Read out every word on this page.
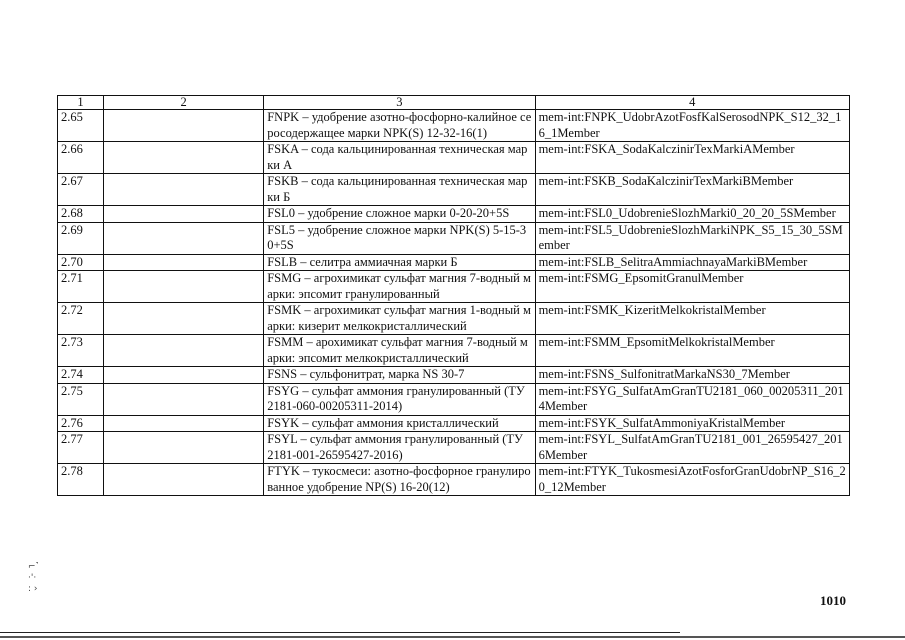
1	2	3	4
2.65		FNPK – удобрение азотно-фосфорно-калийное серосодержащее марки NPK(S) 12-32-16(1)	mem-int:FNPK_UdobrAzotFosfKalSerosodNPK_S12_32_16_1Member
2.66		FSKA – сода кальцинированная техническая марки А	mem-int:FSKA_SodaKalczinirTexMarkiAMember
2.67		FSKB – сода кальцинированная техническая марки Б	mem-int:FSKB_SodaKalczinirTexMarkiBMember
2.68		FSL0 – удобрение сложное марки 0-20-20+5S	mem-int:FSL0_UdobrenieSlozhMarki0_20_20_5SMember
2.69		FSL5 – удобрение сложное марки NPK(S) 5-15-30+5S	mem-int:FSL5_UdobrenieSlozhMarkiNPK_S5_15_30_5SMember
2.70		FSLB – селитра аммиачная марки Б	mem-int:FSLB_SelitraAmmiachnayaMarkiBMember
2.71		FSMG – агрохимикат сульфат магния 7-водный марки: эпсомит гранулированный	mem-int:FSMG_EpsomitGranulMember
2.72		FSMK – агрохимикат сульфат магния 1-водный марки: кизерит мелкокристаллический	mem-int:FSMK_KizeritMelkokristalMember
2.73		FSMM – арохимикат сульфат магния 7-водный марки: эпсомит мелкокристаллический	mem-int:FSMM_EpsomitMelkokristalMember
2.74		FSNS – сульфонитрат, марка NS 30-7	mem-int:FSNS_SulfonitratMarkaNS30_7Member
2.75		FSYG – сульфат аммония гранулированный (ТУ 2181-060-00205311-2014)	mem-int:FSYG_SulfatAmGranTU2181_060_00205311_2014Member
2.76		FSYK – сульфат аммония кристаллический	mem-int:FSYK_SulfatAmmoniyaKristalMember
2.77		FSYL – сульфат аммония гранулированный (ТУ 2181-001-26595427-2016)	mem-int:FSYL_SulfatAmGranTU2181_001_26595427_2016Member
2.78		FTYK – тукосмеси: азотно-фосфорное гранулированное удобрение NP(S) 16-20(12)	mem-int:FTYK_TukosmesiAzotFosforGranUdobrNP_S16_20_12Member
⌐˺
·'·
: ›
1010
